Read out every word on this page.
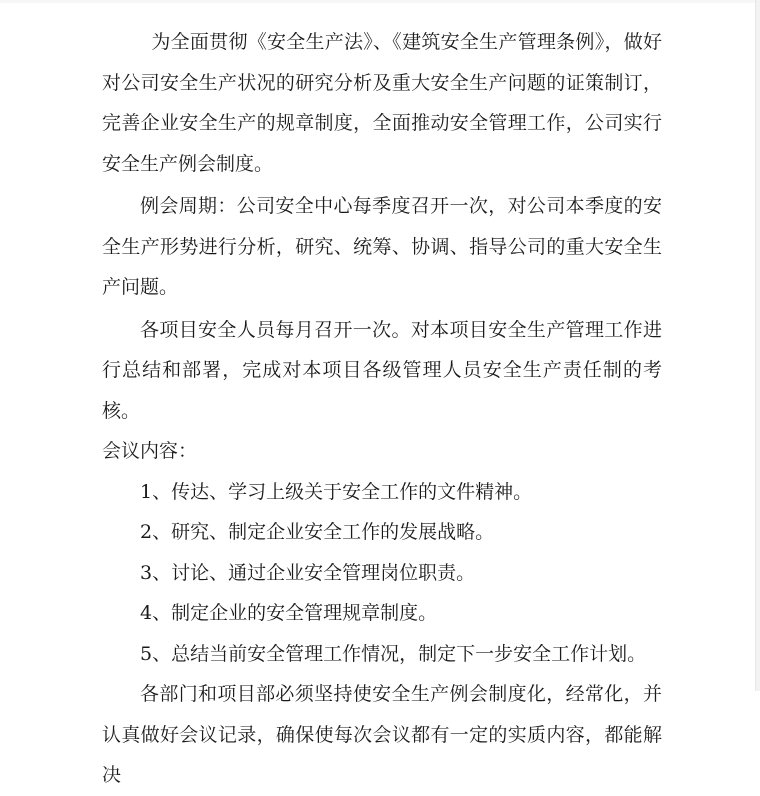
为全面贯彻《安全生产法》、《建筑安全生产管理条例》，做好对公司安全生产状况的研究分析及重大安全生产问题的证策制订，完善企业安全生产的规章制度，全面推动安全管理工作，公司实行安全生产例会制度。

例会周期：公司安全中心每季度召开一次，对公司本季度的安全生产形势进行分析，研究、统筹、协调、指导公司的重大安全生产问题。

各项目安全人员每月召开一次。对本项目安全生产管理工作进行总结和部署，完成对本项目各级管理人员安全生产责任制的考核。

会议内容：

1、传达、学习上级关于安全工作的文件精神。

2、研究、制定企业安全工作的发展战略。

3、讨论、通过企业安全管理岗位职责。

4、制定企业的安全管理规章制度。

5、总结当前安全管理工作情况，制定下一步安全工作计划。

各部门和项目部必须坚持使安全生产例会制度化，经常化，并认真做好会议记录，确保使每次会议都有一定的实质内容，都能解决
